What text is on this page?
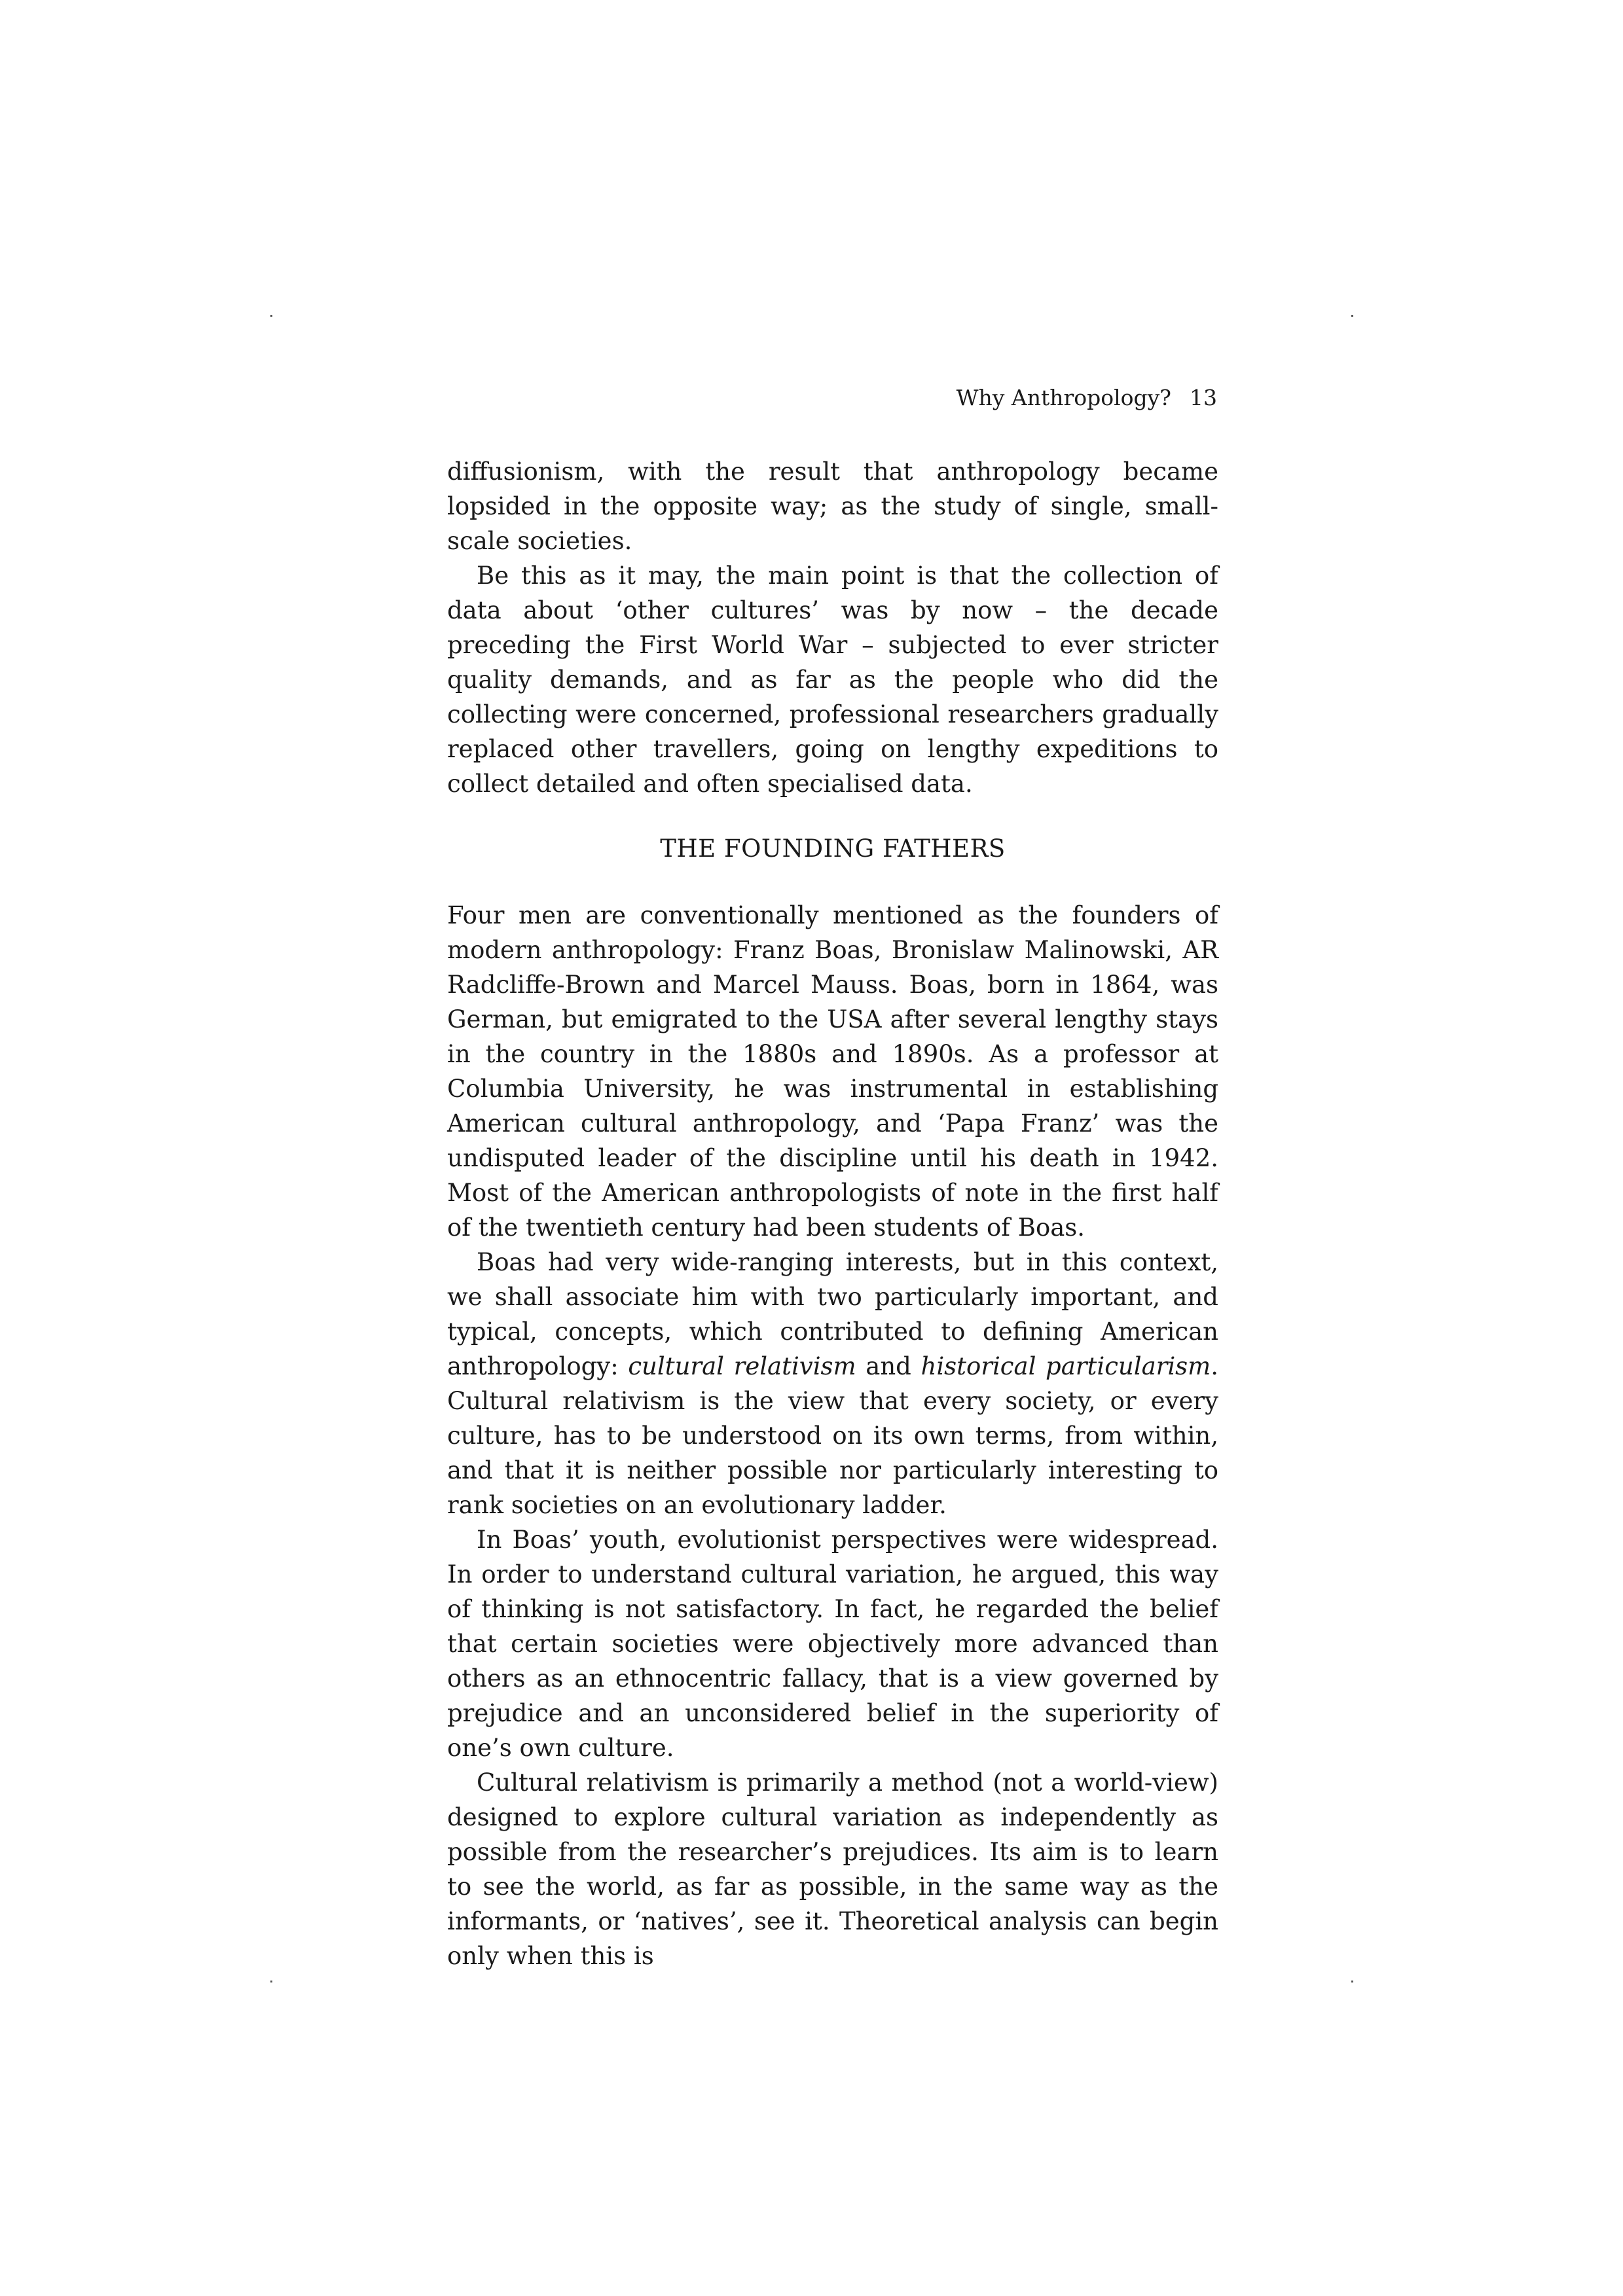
Why Anthropology? 13

diffusionism, with the result that anthropology became lopsided in the opposite way; as the study of single, small-scale societies.

Be this as it may, the main point is that the collection of data about ‘other cultures’ was by now – the decade preceding the First World War – subjected to ever stricter quality demands, and as far as the people who did the collecting were concerned, professional researchers gradually replaced other travellers, going on lengthy expeditions to collect detailed and often specialised data.

THE FOUNDING FATHERS

Four men are conventionally mentioned as the founders of modern anthropology: Franz Boas, Bronislaw Malinowski, AR Radcliffe-Brown and Marcel Mauss. Boas, born in 1864, was German, but emigrated to the USA after several lengthy stays in the country in the 1880s and 1890s. As a professor at Columbia University, he was instrumental in establishing American cultural anthropology, and ‘Papa Franz’ was the undisputed leader of the discipline until his death in 1942. Most of the American anthropologists of note in the first half of the twentieth century had been students of Boas.

Boas had very wide-ranging interests, but in this context, we shall associate him with two particularly important, and typical, concepts, which contributed to defining American anthropology: cultural relativism and historical particularism. Cultural relativism is the view that every society, or every culture, has to be understood on its own terms, from within, and that it is neither possible nor particularly interesting to rank societies on an evolutionary ladder.

In Boas’ youth, evolutionist perspectives were widespread. In order to understand cultural variation, he argued, this way of thinking is not satisfactory. In fact, he regarded the belief that certain societies were objectively more advanced than others as an ethnocentric fallacy, that is a view governed by prejudice and an unconsidered belief in the superiority of one’s own culture.

Cultural relativism is primarily a method (not a world-view) designed to explore cultural variation as independently as possible from the researcher’s prejudices. Its aim is to learn to see the world, as far as possible, in the same way as the informants, or ‘natives’, see it. Theoretical analysis can begin only when this is
